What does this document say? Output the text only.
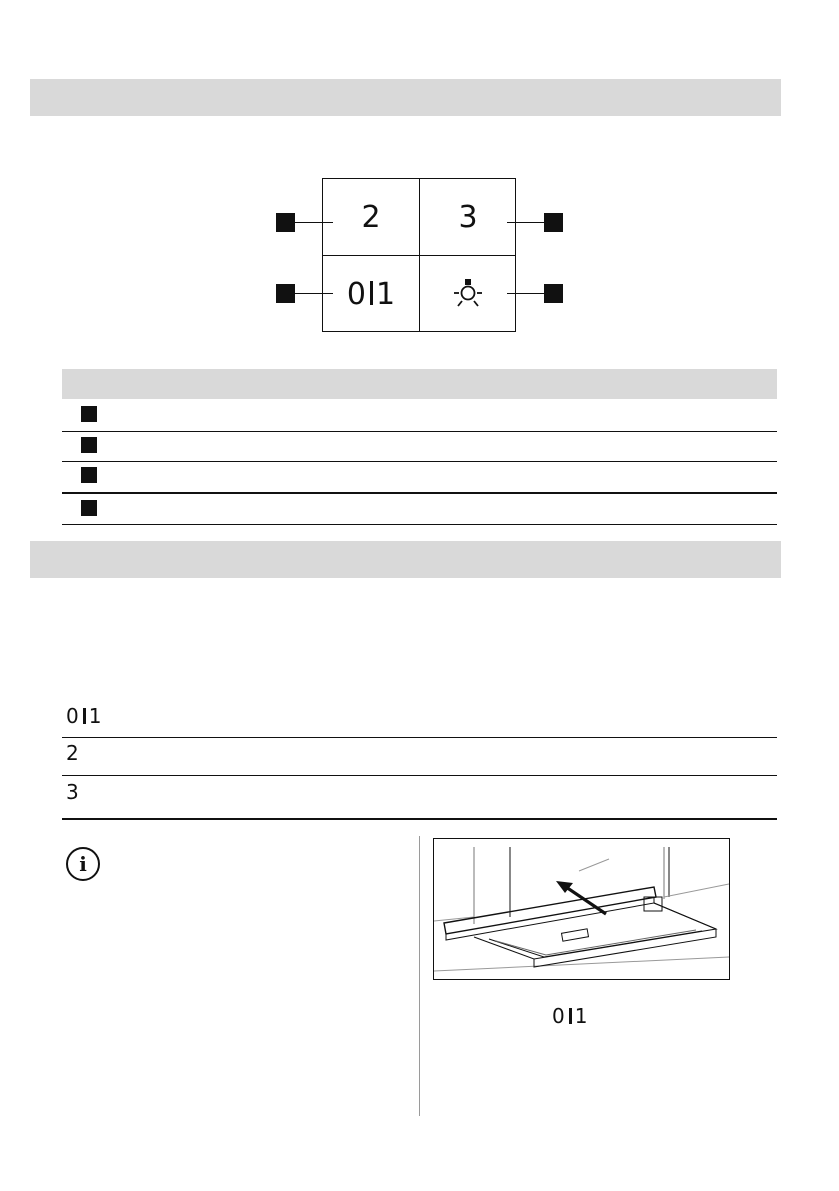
2	3
0 1
0 1
2
3
i
0 1
